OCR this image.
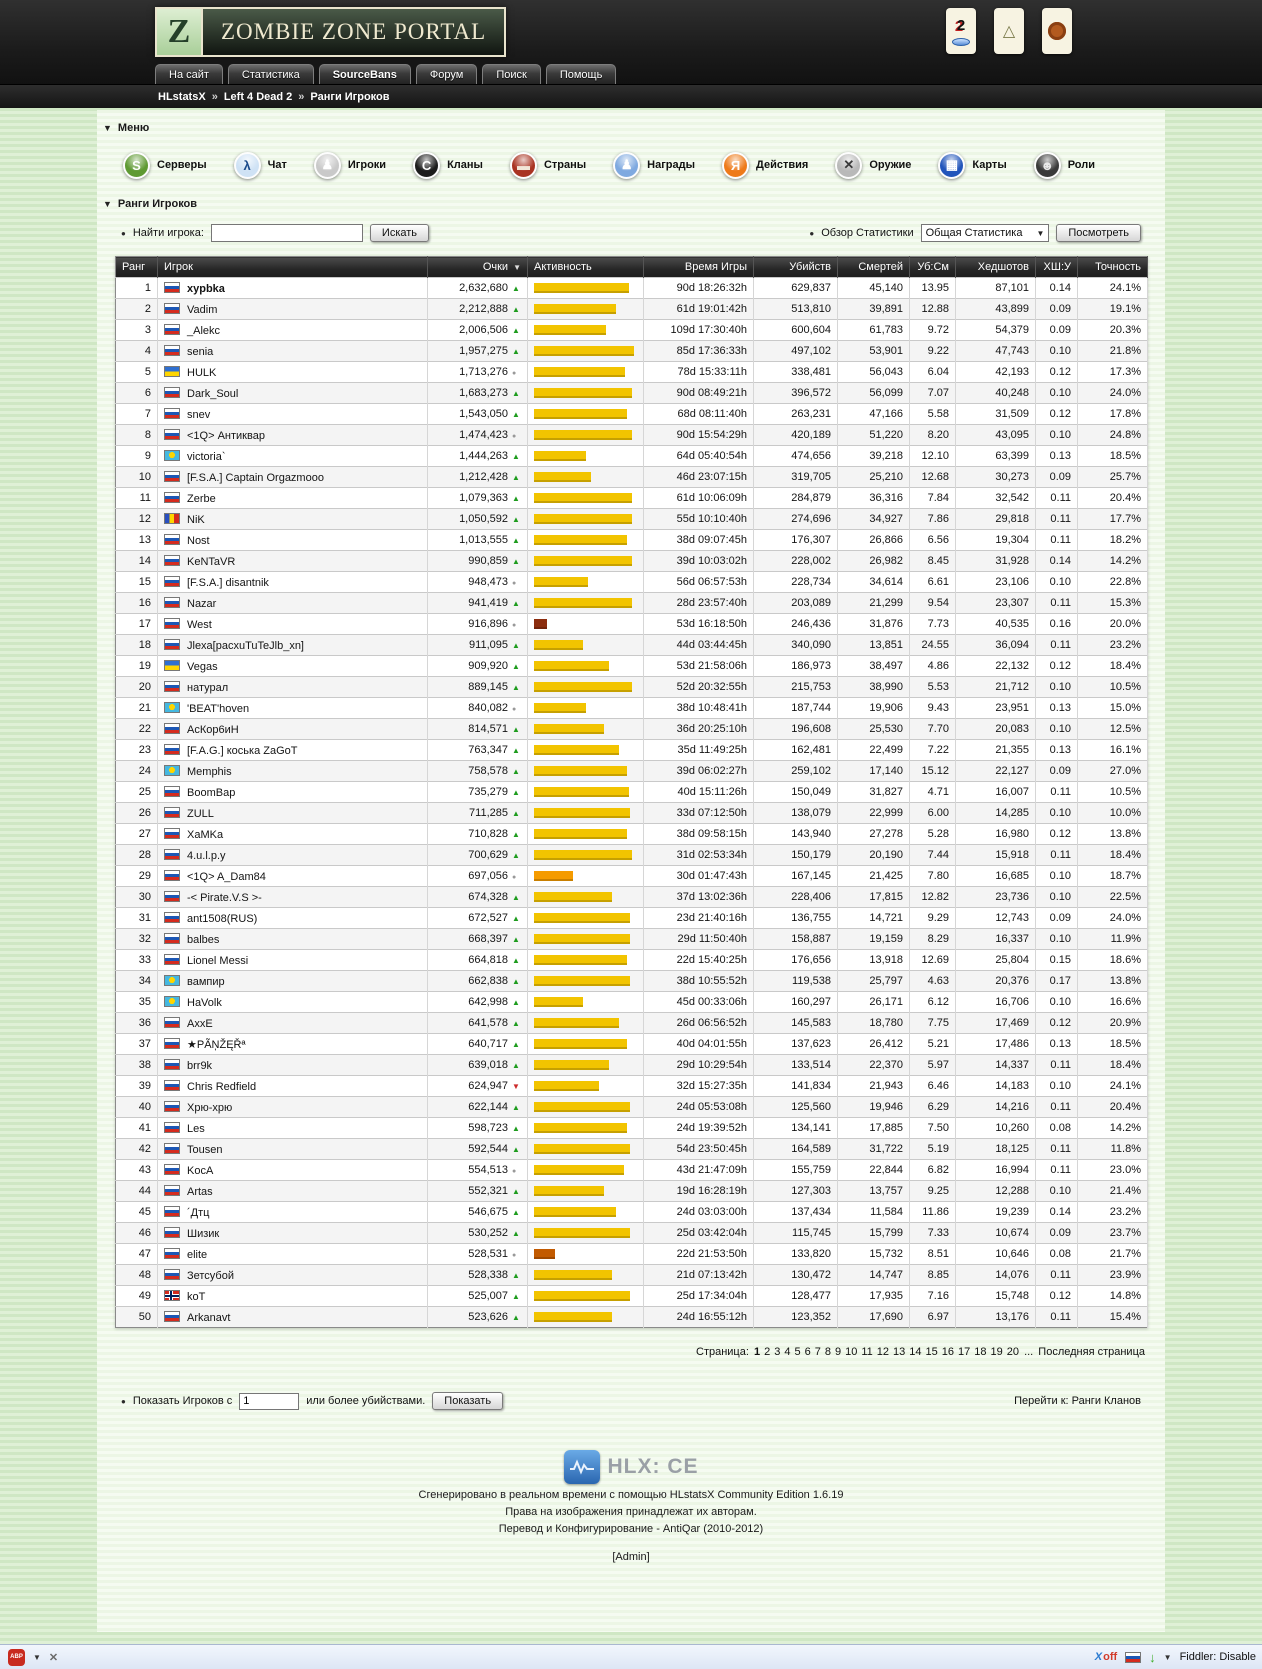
Z	ZOMBIE ZONE PORTAL	2 △
На сайт	Статистика	SourceBans	Форум	Поиск	Помощь
HLstatsX » Left 4 Dead 2 » Ранги Игроков
▼ Меню
S	Серверы	λ	Чат	♟	Игроки	C	Кланы	▬	Страны	♟	Награды	Я	Действия	✕	Оружие	▦	Карты	☻	Роли
▼ Ранги Игроков
● Найти игрока:	Искать	● Обзор Статистики Общая Статистика ▼	Посмотреть
Ранг	Игрок	Очки ▼	Активность	Время Игры	Убийств	Смертей	Уб:См	Хедшотов	ХШ:У	Точность
1	xypbka	2,632,680 ▲		90d 18:26:32h	629,837	45,140	13.95	87,101	0.14	24.1%
2	Vadim	2,212,888 ▲		61d 19:01:42h	513,810	39,891	12.88	43,899	0.09	19.1%
3	_Alekc	2,006,506 ▲		109d 17:30:40h	600,604	61,783	9.72	54,379	0.09	20.3%
4	senia	1,957,275 ▲		85d 17:36:33h	497,102	53,901	9.22	47,743	0.10	21.8%
5	HULK	1,713,276 ●		78d 15:33:11h	338,481	56,043	6.04	42,193	0.12	17.3%
6	Dark_Soul	1,683,273 ▲		90d 08:49:21h	396,572	56,099	7.07	40,248	0.10	24.0%
7	snev	1,543,050 ▲		68d 08:11:40h	263,231	47,166	5.58	31,509	0.12	17.8%
8	<1Q> Антиквар	1,474,423 ●		90d 15:54:29h	420,189	51,220	8.20	43,095	0.10	24.8%
9	victoria`	1,444,263 ▲		64d 05:40:54h	474,656	39,218	12.10	63,399	0.13	18.5%
10	[F.S.A.] Captain Orgazmooo	1,212,428 ▲		46d 23:07:15h	319,705	25,210	12.68	30,273	0.09	25.7%
11	Zerbe	1,079,363 ▲		61d 10:06:09h	284,879	36,316	7.84	32,542	0.11	20.4%
12	NiK	1,050,592 ▲		55d 10:10:40h	274,696	34,927	7.86	29,818	0.11	17.7%
13	Nost	1,013,555 ▲		38d 09:07:45h	176,307	26,866	6.56	19,304	0.11	18.2%
14	KeNTaVR	990,859 ▲		39d 10:03:02h	228,002	26,982	8.45	31,928	0.14	14.2%
15	[F.S.A.] disantnik	948,473 ●		56d 06:57:53h	228,734	34,614	6.61	23,106	0.10	22.8%
16	Nazar	941,419 ▲		28d 23:57:40h	203,089	21,299	9.54	23,307	0.11	15.3%
17	West	916,896 ●		53d 16:18:50h	246,436	31,876	7.73	40,535	0.16	20.0%
18	Jlexa[pacxuTuTeJlb_xn]	911,095 ▲		44d 03:44:45h	340,090	13,851	24.55	36,094	0.11	23.2%
19	Vegas	909,920 ▲		53d 21:58:06h	186,973	38,497	4.86	22,132	0.12	18.4%
20	натурал	889,145 ▲		52d 20:32:55h	215,753	38,990	5.53	21,712	0.10	10.5%
21	'BEAT'hoven	840,082 ●		38d 10:48:41h	187,744	19,906	9.43	23,951	0.13	15.0%
22	АсКор6иН	814,571 ▲		36d 20:25:10h	196,608	25,530	7.70	20,083	0.10	12.5%
23	[F.A.G.] коська ZaGoT	763,347 ▲		35d 11:49:25h	162,481	22,499	7.22	21,355	0.13	16.1%
24	Memphis	758,578 ▲		39d 06:02:27h	259,102	17,140	15.12	22,127	0.09	27.0%
25	BoomBap	735,279 ▲		40d 15:11:26h	150,049	31,827	4.71	16,007	0.11	10.5%
26	ZULL	711,285 ▲		33d 07:12:50h	138,079	22,999	6.00	14,285	0.10	10.0%
27	XaMKa	710,828 ▲		38d 09:58:15h	143,940	27,278	5.28	16,980	0.12	13.8%
28	4.u.l.p.y	700,629 ▲		31d 02:53:34h	150,179	20,190	7.44	15,918	0.11	18.4%
29	<1Q> A_Dam84	697,056 ●		30d 01:47:43h	167,145	21,425	7.80	16,685	0.10	18.7%
30	-< Pirate.V.S >-	674,328 ▲		37d 13:02:36h	228,406	17,815	12.82	23,736	0.10	22.5%
31	ant1508(RUS)	672,527 ▲		23d 21:40:16h	136,755	14,721	9.29	12,743	0.09	24.0%
32	balbes	668,397 ▲		29d 11:50:40h	158,887	19,159	8.29	16,337	0.10	11.9%
33	Lionel Messi	664,818 ▲		22d 15:40:25h	176,656	13,918	12.69	25,804	0.15	18.6%
34	вампир	662,838 ▲		38d 10:55:52h	119,538	25,797	4.63	20,376	0.17	13.8%
35	HaVolk	642,998 ▲		45d 00:33:06h	160,297	26,171	6.12	16,706	0.10	16.6%
36	AxxE	641,578 ▲		26d 06:56:52h	145,583	18,780	7.75	17,469	0.12	20.9%
37	★PÃŅŽĘŘª	640,717 ▲		40d 04:01:55h	137,623	26,412	5.21	17,486	0.13	18.5%
38	brr9k	639,018 ▲		29d 10:29:54h	133,514	22,370	5.97	14,337	0.11	18.4%
39	Chris Redfield	624,947 ▼		32d 15:27:35h	141,834	21,943	6.46	14,183	0.10	24.1%
40	Хрю-хрю	622,144 ▲		24d 05:53:08h	125,560	19,946	6.29	14,216	0.11	20.4%
41	Les	598,723 ▲		24d 19:39:52h	134,141	17,885	7.50	10,260	0.08	14.2%
42	Tousen	592,544 ▲		54d 23:50:45h	164,589	31,722	5.19	18,125	0.11	11.8%
43	KocA	554,513 ●		43d 21:47:09h	155,759	22,844	6.82	16,994	0.11	23.0%
44	Artas	552,321 ▲		19d 16:28:19h	127,303	13,757	9.25	12,288	0.10	21.4%
45	´Дтц	546,675 ▲		24d 03:03:00h	137,434	11,584	11.86	19,239	0.14	23.2%
46	Шизик	530,252 ▲		25d 03:42:04h	115,745	15,799	7.33	10,674	0.09	23.7%
47	elite	528,531 ●		22d 21:53:50h	133,820	15,732	8.51	10,646	0.08	21.7%
48	Зетсубой	528,338 ▲		21d 07:13:42h	130,472	14,747	8.85	14,076	0.11	23.9%
49	koT	525,007 ▲		25d 17:34:04h	128,477	17,935	7.16	15,748	0.12	14.8%
50	Arkanavt	523,626 ▲		24d 16:55:12h	123,352	17,690	6.97	13,176	0.11	15.4%
Страница: 1 2 3 4 5 6 7 8 9 10 11 12 13 14 15 16 17 18 19 20 ... Последняя страница
● Показать Игроков с
1	или более убийствами.	Показать	Перейти к: Ранги Кланов
HLX: CE
Сгенерировано в реальном времени с помощью HLstatsX Community Edition 1.6.19
Права на изображения принадлежат их авторам.
Перевод и Конфигурирование - AntiQar (2010-2012)
[Admin]
ABP ▼ ✕	Xoff ↓ ▼ Fiddler: Disable
